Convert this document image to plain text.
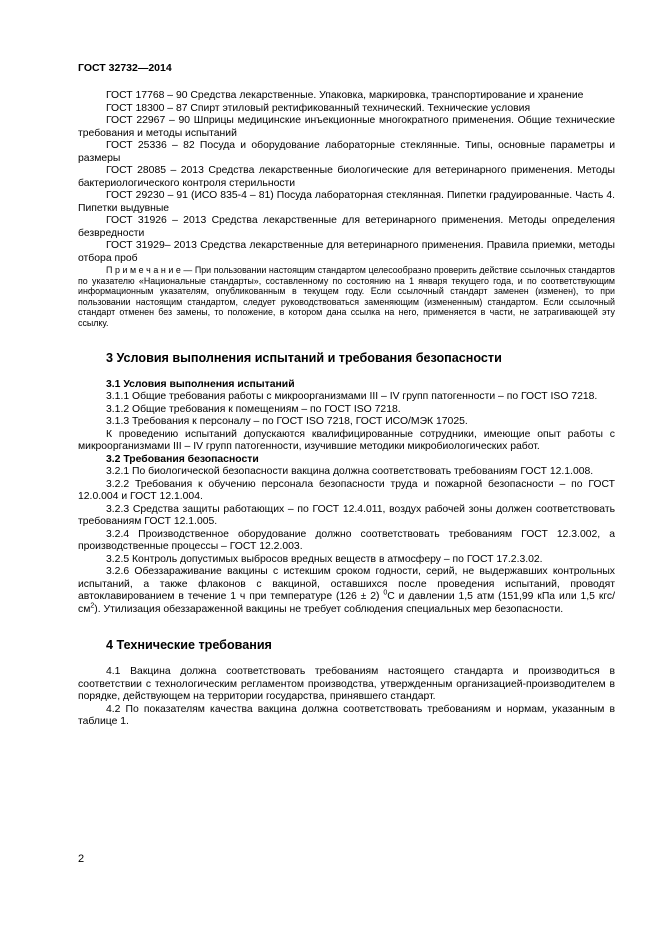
ГОСТ 32732—2014

ГОСТ 17768 – 90 Средства лекарственные. Упаковка, маркировка, транспортирование и хранение

ГОСТ 18300 – 87 Спирт этиловый ректификованный технический. Технические условия

ГОСТ 22967 – 90 Шприцы медицинские инъекционные многократного применения. Общие технические требования и методы испытаний

ГОСТ 25336 – 82 Посуда и оборудование лабораторные стеклянные. Типы, основные параметры и размеры

ГОСТ 28085 – 2013 Средства лекарственные биологические для ветеринарного применения. Методы бактериологического контроля стерильности

ГОСТ 29230 – 91 (ИСО 835-4 – 81) Посуда лабораторная стеклянная. Пипетки градуированные. Часть 4. Пипетки выдувные

ГОСТ 31926 – 2013 Средства лекарственные для ветеринарного применения. Методы определения безвредности

ГОСТ 31929– 2013 Средства лекарственные для ветеринарного применения. Правила приемки, методы отбора проб

П р и м е ч а н и е — При пользовании настоящим стандартом целесообразно проверить действие ссылочных стандартов по указателю «Национальные стандарты», составленному по состоянию на 1 января текущего года, и по соответствующим информационным указателям, опубликованным в текущем году. Если ссылочный стандарт заменен (изменен), то при пользовании настоящим стандартом, следует руководствоваться заменяющим (измененным) стандартом. Если ссылочный стандарт отменен без замены, то положение, в котором дана ссылка на него, применяется в части, не затрагивающей эту ссылку.

3 Условия выполнения испытаний и требования безопасности
3.1 Условия выполнения испытаний

3.1.1 Общие требования работы с микроорганизмами III – IV групп патогенности – по ГОСТ ISO 7218.

3.1.2 Общие требования к помещениям – по ГОСТ ISO 7218.

3.1.3 Требования к персоналу – по ГОСТ ISO 7218, ГОСТ ИСО/МЭК 17025.

К проведению испытаний допускаются квалифицированные сотрудники, имеющие опыт работы с микроорганизмами III – IV групп патогенности, изучившие методики микробиологических работ.

3.2 Требования безопасности

3.2.1 По биологической безопасности вакцина должна соответствовать требованиям ГОСТ 12.1.008.

3.2.2 Требования к обучению персонала безопасности труда и пожарной безопасности – по ГОСТ 12.0.004 и ГОСТ 12.1.004.

3.2.3 Средства защиты работающих – по ГОСТ 12.4.011, воздух рабочей зоны должен соответствовать требованиям ГОСТ 12.1.005.

3.2.4 Производственное оборудование должно соответствовать требованиям ГОСТ 12.3.002, а производственные процессы – ГОСТ 12.2.003.

3.2.5 Контроль допустимых выбросов вредных веществ в атмосферу – по ГОСТ 17.2.3.02.

3.2.6 Обеззараживание вакцины с истекшим сроком годности, серий, не выдержавших контрольных испытаний, а также флаконов с вакциной, оставшихся после проведения испытаний, проводят автоклавированием в течение 1 ч при температуре (126 ± 2) $^0$С и давлении 1,5 атм (151,99 кПа или 1,5 кгс/$см^2$). Утилизация обеззараженной вакцины не требует соблюдения специальных мер безопасности.

4 Технические требования

4.1 Вакцина должна соответствовать требованиям настоящего стандарта и производиться в соответствии с технологическим регламентом производства, утвержденным организацией-производителем в порядке, действующем на территории государства, принявшего стандарт.

4.2 По показателям качества вакцина должна соответствовать требованиям и нормам, указанным в таблице 1.

2
